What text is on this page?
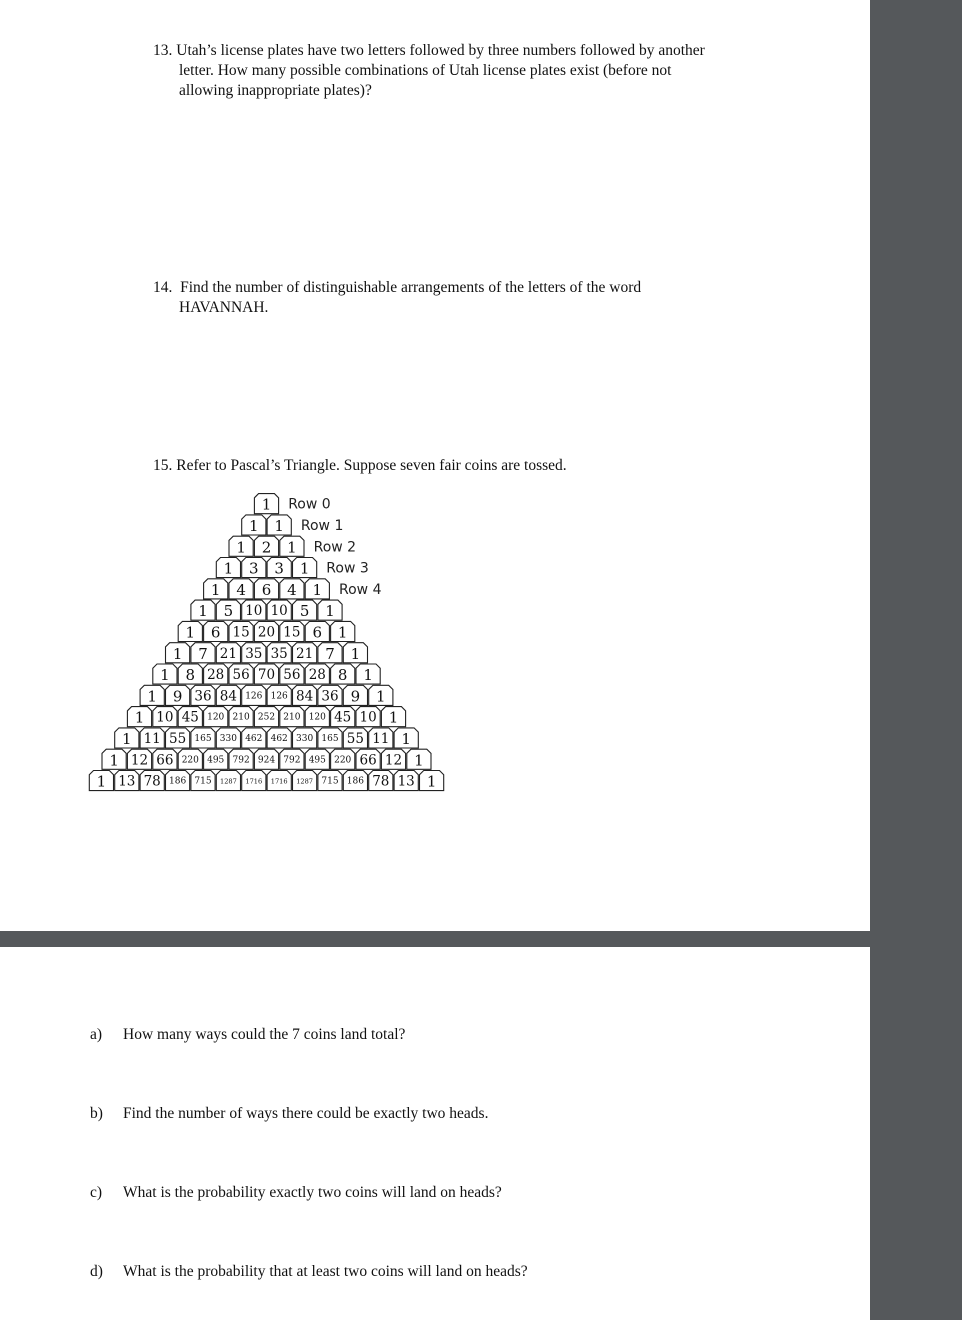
13. Utah’s license plates have two letters followed by three numbers followed by another
letter. How many possible combinations of Utah license plates exist (before not
allowing inappropriate plates)?
14. Find the number of distinguishable arrangements of the letters of the word
HAVANNAH.
15. Refer to Pascal’s Triangle. Suppose seven fair coins are tossed.
1
1 1
1 2 1
1 3 3 1
1 4 6 4 1
1 5 10 10 5 1
1 6 15 20 15 6 1
1 7 21 35 35 21 7 1
1 8 28 56 70 56 28 8 1
1 9 36 84 126 126 84 36 9 1
1 10 45 120 210 252 210 120 45 10 1
1 11 55 165 330 462 462 330 165 55 11 1
1 12 66 220 495 792 924 792 495 220 66 12 1
1 13 78 186 715 1287 1716 1716 1287 715 186 78 13 1
Row 0
Row 1
Row 2
Row 3
Row 4
a) How many ways could the 7 coins land total?
b) Find the number of ways there could be exactly two heads.
c) What is the probability exactly two coins will land on heads?
d) What is the probability that at least two coins will land on heads?
